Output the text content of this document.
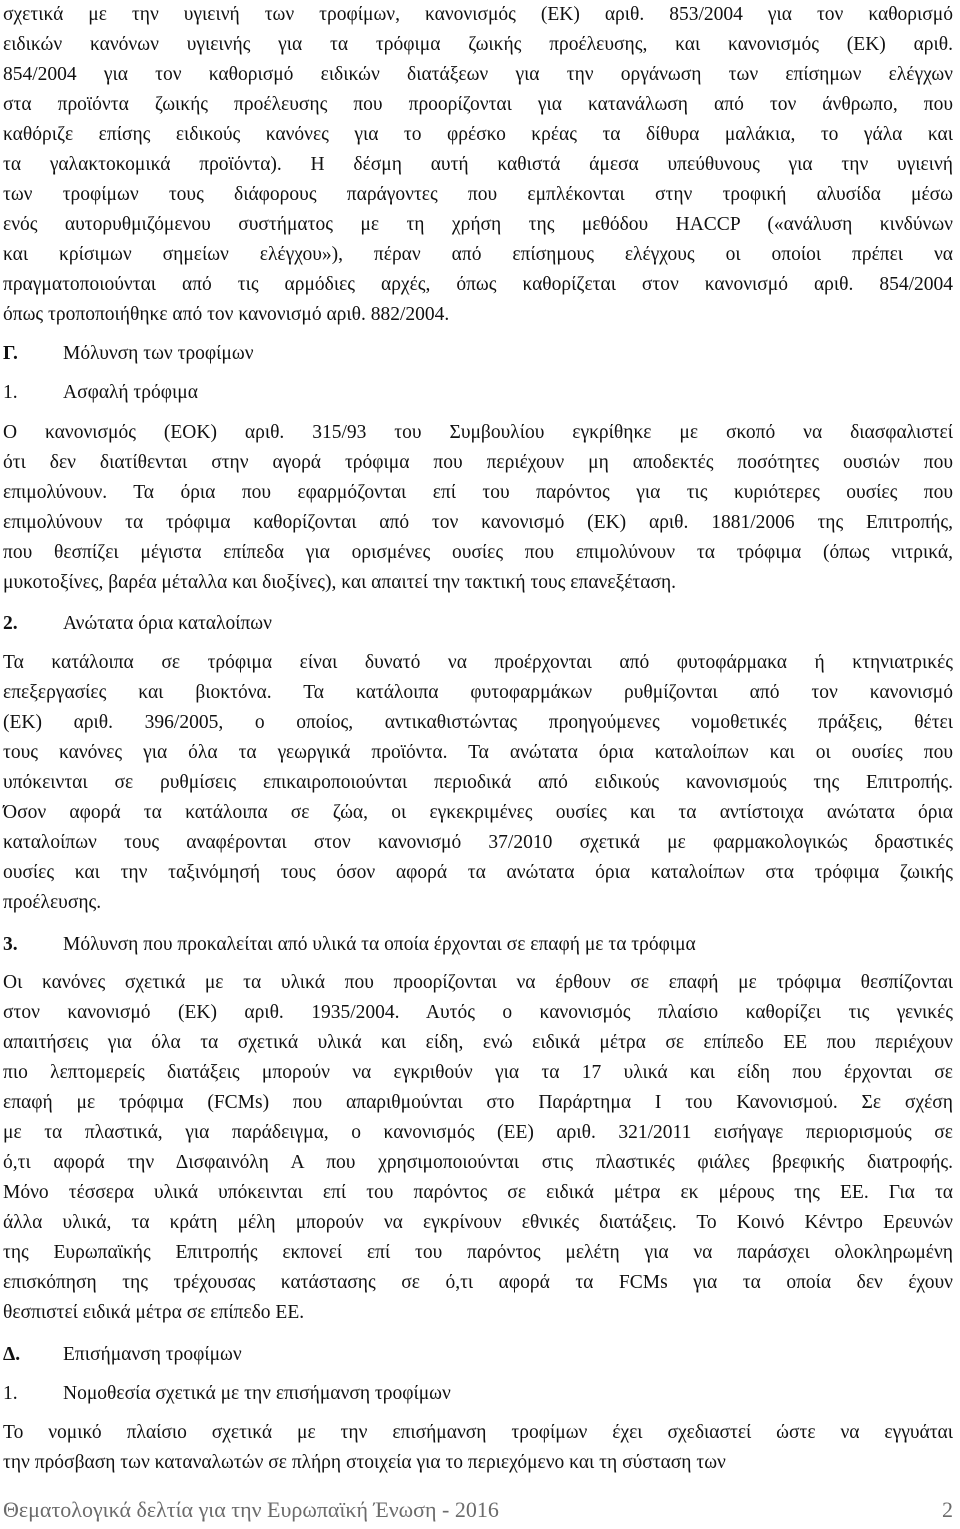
σχετικά με την υγιεινή των τροφίμων, κανονισμός (ΕΚ) αριθ. 853/2004 για τον καθορισμό
ειδικών κανόνων υγιεινής για τα τρόφιμα ζωικής προέλευσης, και κανονισμός (ΕΚ) αριθ.
854/2004 για τον καθορισμό ειδικών διατάξεων για την οργάνωση των επίσημων ελέγχων
στα προϊόντα ζωικής προέλευσης που προορίζονται για κατανάλωση από τον άνθρωπο, που
καθόριζε επίσης ειδικούς κανόνες για το φρέσκο κρέας τα δίθυρα μαλάκια, το γάλα και
τα γαλακτοκομικά προϊόντα). Η δέσμη αυτή καθιστά άμεσα υπεύθυνους για την υγιεινή
των τροφίμων τους διάφορους παράγοντες που εμπλέκονται στην τροφική αλυσίδα μέσω
ενός αυτορυθμιζόμενου συστήματος με τη χρήση της μεθόδου HACCP («ανάλυση κινδύνων
και κρίσιμων σημείων ελέγχου»), πέραν από επίσημους ελέγχους οι οποίοι πρέπει να
πραγματοποιούνται από τις αρμόδιες αρχές, όπως καθορίζεται στον κανονισμό αριθ. 854/2004
όπως τροποποιήθηκε από τον κανονισμό αριθ. 882/2004.
Γ. Μόλυνση των τροφίμων
1. Ασφαλή τρόφιμα
Ο κανονισμός (ΕΟΚ) αριθ. 315/93 του Συμβουλίου εγκρίθηκε με σκοπό να διασφαλιστεί
ότι δεν διατίθενται στην αγορά τρόφιμα που περιέχουν μη αποδεκτές ποσότητες ουσιών που
επιμολύνουν. Τα όρια που εφαρμόζονται επί του παρόντος για τις κυριότερες ουσίες που
επιμολύνουν τα τρόφιμα καθορίζονται από τον κανονισμό (ΕΚ) αριθ. 1881/2006 της Επιτροπής,
που θεσπίζει μέγιστα επίπεδα για ορισμένες ουσίες που επιμολύνουν τα τρόφιμα (όπως νιτρικά,
μυκοτοξίνες, βαρέα μέταλλα και διοξίνες), και απαιτεί την τακτική τους επανεξέταση.
2. Ανώτατα όρια καταλοίπων
Τα κατάλοιπα σε τρόφιμα είναι δυνατό να προέρχονται από φυτοφάρμακα ή κτηνιατρικές
επεξεργασίες και βιοκτόνα. Τα κατάλοιπα φυτοφαρμάκων ρυθμίζονται από τον κανονισμό
(ΕΚ) αριθ. 396/2005, ο οποίος, αντικαθιστώντας προηγούμενες νομοθετικές πράξεις, θέτει
τους κανόνες για όλα τα γεωργικά προϊόντα. Τα ανώτατα όρια καταλοίπων και οι ουσίες που
υπόκεινται σε ρυθμίσεις επικαιροποιούνται περιοδικά από ειδικούς κανονισμούς της Επιτροπής.
Όσον αφορά τα κατάλοιπα σε ζώα, οι εγκεκριμένες ουσίες και τα αντίστοιχα ανώτατα όρια
καταλοίπων τους αναφέρονται στον κανονισμό 37/2010 σχετικά με φαρμακολογικώς δραστικές
ουσίες και την ταξινόμησή τους όσον αφορά τα ανώτατα όρια καταλοίπων στα τρόφιμα ζωικής
προέλευσης.
3. Μόλυνση που προκαλείται από υλικά τα οποία έρχονται σε επαφή με τα τρόφιμα
Οι κανόνες σχετικά με τα υλικά που προορίζονται να έρθουν σε επαφή με τρόφιμα θεσπίζονται
στον κανονισμό (ΕΚ) αριθ. 1935/2004. Αυτός ο κανονισμός πλαίσιο καθορίζει τις γενικές
απαιτήσεις για όλα τα σχετικά υλικά και είδη, ενώ ειδικά μέτρα σε επίπεδο ΕΕ που περιέχουν
πιο λεπτομερείς διατάξεις μπορούν να εγκριθούν για τα 17 υλικά και είδη που έρχονται σε
επαφή με τρόφιμα (FCMs) που απαριθμούνται στο Παράρτημα Ι του Κανονισμού. Σε σχέση
με τα πλαστικά, για παράδειγμα, ο κανονισμός (ΕΕ) αριθ. 321/2011 εισήγαγε περιορισμούς σε
ό,τι αφορά την Δισφαινόλη Α που χρησιμοποιούνται στις πλαστικές φιάλες βρεφικής διατροφής.
Μόνο τέσσερα υλικά υπόκεινται επί του παρόντος σε ειδικά μέτρα εκ μέρους της ΕΕ. Για τα
άλλα υλικά, τα κράτη μέλη μπορούν να εγκρίνουν εθνικές διατάξεις. Το Κοινό Κέντρο Ερευνών
της Ευρωπαϊκής Επιτροπής εκπονεί επί του παρόντος μελέτη για να παράσχει ολοκληρωμένη
επισκόπηση της τρέχουσας κατάστασης σε ό,τι αφορά τα FCMs για τα οποία δεν έχουν
θεσπιστεί ειδικά μέτρα σε επίπεδο ΕΕ.
Δ. Επισήμανση τροφίμων
1. Νομοθεσία σχετικά με την επισήμανση τροφίμων
Το νομικό πλαίσιο σχετικά με την επισήμανση τροφίμων έχει σχεδιαστεί ώστε να εγγυάται
την πρόσβαση των καταναλωτών σε πλήρη στοιχεία για το περιεχόμενο και τη σύσταση των
Θεματολογικά δελτία για την Ευρωπαϊκή Ένωση - 2016	2
